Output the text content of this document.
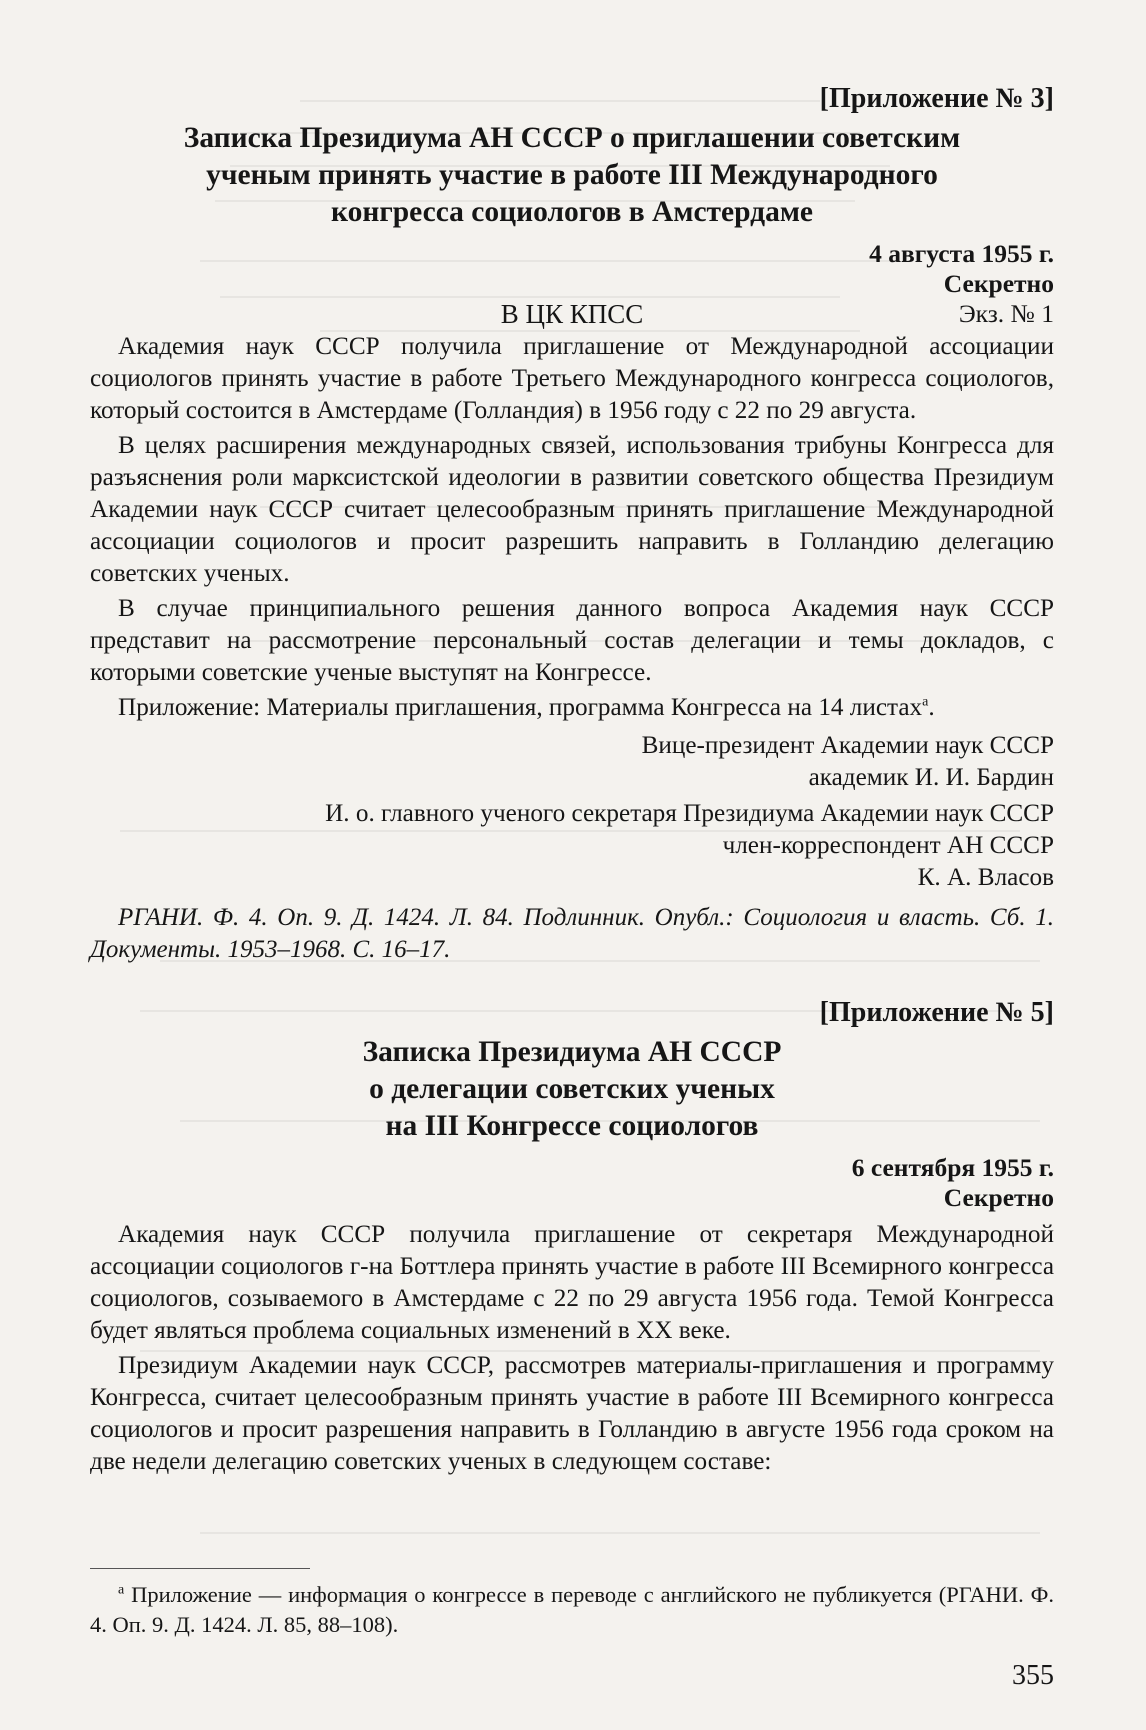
[Приложение № 3]
Записка Президиума АН СССР о приглашении советским
ученым принять участие в работе III Международного
конгресса социологов в Амстердаме
4 августа 1955 г.
Секретно
Экз. № 1
В ЦК КПСС

Академия наук СССР получила приглашение от Международной ассоциации социологов принять участие в работе Третьего Международного конгресса социологов, который состоится в Амстердаме (Голландия) в 1956 году с 22 по 29 августа.

В целях расширения международных связей, использования трибуны Конгресса для разъяснения роли марксистской идеологии в развитии советского общества Президиум Академии наук СССР считает целесообразным принять приглашение Международной ассоциации социологов и просит разрешить направить в Голландию делегацию советских ученых.

В случае принципиального решения данного вопроса Академия наук СССР представит на рассмотрение персональный состав делегации и темы докладов, с которыми советские ученые выступят на Конгрессе.

Приложение: Материалы приглашения, программа Конгресса на 14 листах$^а$.

Вице-президент Академии наук СССР
академик И. И. Бардин
И. о. главного ученого секретаря Президиума Академии наук СССР
член-корреспондент АН СССР
К. А. Власов

РГАНИ. Ф. 4. Оп. 9. Д. 1424. Л. 84. Подлинник. Опубл.: Социология и власть. Сб. 1. Документы. 1953–1968. С. 16–17.

[Приложение № 5]
Записка Президиума АН СССР
о делегации советских ученых
на III Конгрессе социологов
6 сентября 1955 г.
Секретно

Академия наук СССР получила приглашение от секретаря Международной ассоциации социологов г-на Боттлера принять участие в работе III Всемирного конгресса социологов, созываемого в Амстердаме с 22 по 29 августа 1956 года. Темой Конгресса будет являться проблема социальных изменений в XX веке.

Президиум Академии наук СССР, рассмотрев материалы-приглашения и программу Конгресса, считает целесообразным принять участие в работе III Всемирного конгресса социологов и просит разрешения направить в Голландию в августе 1956 года сроком на две недели делегацию советских ученых в следующем составе:

$^а$ Приложение — информация о конгрессе в переводе с английского не публикуется (РГАНИ. Ф. 4. Оп. 9. Д. 1424. Л. 85, 88–108).
355
